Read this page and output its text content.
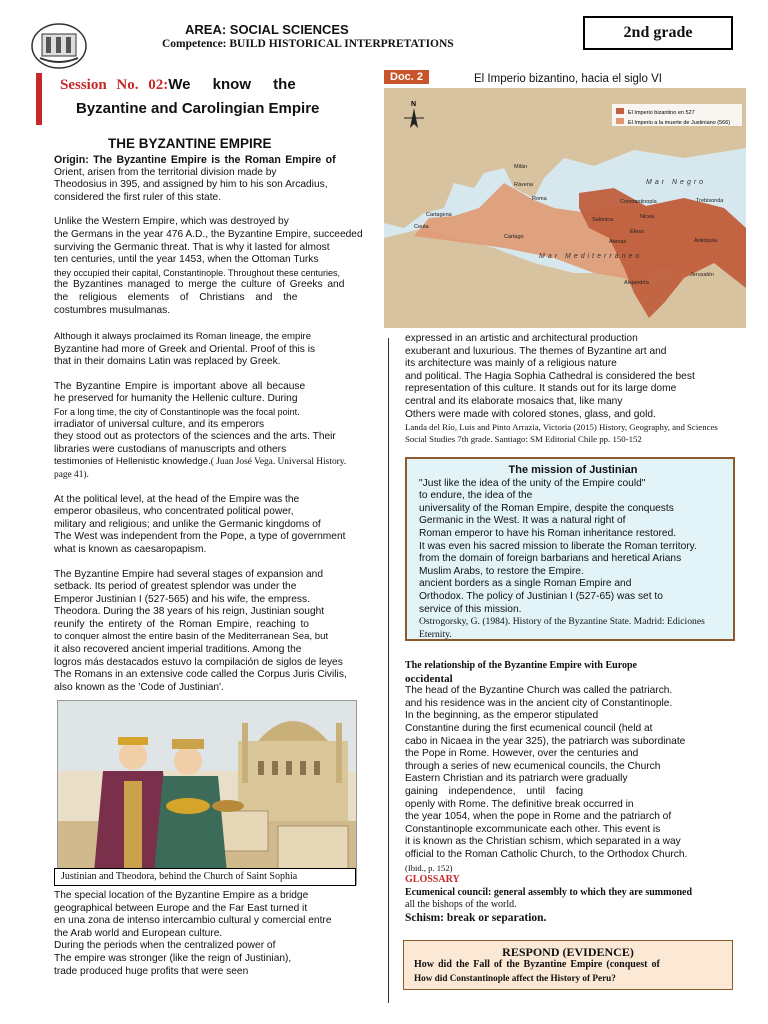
AREA: SOCIAL SCIENCES
Competence: BUILD HISTORICAL INTERPRETATIONS
2nd grade
Session No. 02:We know the
Byzantine and Carolingian Empire
Doc. 2	El Imperio bizantino, hacia el siglo VI
El Imperio bizantino en 527
El Imperio a la muerte de Justiniano (566)
N
Milán
Rávena
Roma
Salónica
Constantinopla	Trebisonda
Nicea
Cartagena
Ceuta
Cartago
Éfeso
Atenas	Antioquía
Jerusalén
Alejandría
Mar Negro
Mar Mediterráneo
THE BYZANTINE EMPIRE

Origin: The Byzantine Empire is the Roman Empire of

Orient, arisen from the territorial division made by

Theodosius in 395, and assigned by him to his son Arcadius,

considered the first ruler of this state.

Unlike the Western Empire, which was destroyed by

the Germans in the year 476 A.D., the Byzantine Empire, succeeded

surviving the Germanic threat. That is why it lasted for almost

ten centuries, until the year 1453, when the Ottoman Turks

they occupied their capital, Constantinople. Throughout these centuries,

the Byzantines managed to merge the culture of Greeks and

the religious elements of Christians and the

costumbres musulmanas.

Although it always proclaimed its Roman lineage, the empire

Byzantine had more of Greek and Oriental. Proof of this is

that in their domains Latin was replaced by Greek.

The Byzantine Empire is important above all because

he preserved for humanity the Hellenic culture. During

For a long time, the city of Constantinople was the focal point.

irradiator of universal culture, and its emperors

they stood out as protectors of the sciences and the arts. Their

libraries were custodians of manuscripts and others

testimonies of Hellenistic knowledge.( Juan José Vega. Universal History.

page 41).

At the political level, at the head of the Empire was the

emperor obasileus, who concentrated political power,

military and religious; and unlike the Germanic kingdoms of

The West was independent from the Pope, a type of government

what is known as caesaropapism.

The Byzantine Empire had several stages of expansion and

setback. Its period of greatest splendor was under the

Emperor Justinian I (527-565) and his wife, the empress.

Theodora. During the 38 years of his reign, Justinian sought

reunify the entirety of the Roman Empire, reaching to

to conquer almost the entire basin of the Mediterranean Sea, but

it also recovered ancient imperial traditions. Among the

logros más destacados estuvo la compilación de siglos de leyes

The Romans in an extensive code called the Corpus Juris Civilis,

also known as the 'Code of Justinian'.

Justinian and Theodora, behind the Church of Saint Sophia

The special location of the Byzantine Empire as a bridge

geographical between Europe and the Far East turned it

en una zona de intenso intercambio cultural y comercial entre

the Arab world and European culture.

During the periods when the centralized power of

The empire was stronger (like the reign of Justinian),

trade produced huge profits that were seen

expressed in an artistic and architectural production

exuberant and luxurious. The themes of Byzantine art and

its architecture was mainly of a religious nature

and political. The Hagia Sophia Cathedral is considered the best

representation of this culture. It stands out for its large dome

central and its elaborate mosaics that, like many

Others were made with colored stones, glass, and gold.

Landa del Río, Luis and Pinto Arrazia, Victoria (2015) History, Geography, and Sciences

Social Studies 7th grade. Santiago: SM Editorial Chile pp. 150-152

The mission of Justinian

"Just like the idea of the unity of the Empire could"

to endure, the idea of the

universality of the Roman Empire, despite the conquests

Germanic in the West. It was a natural right of

Roman emperor to have his Roman inheritance restored.

It was even his sacred mission to liberate the Roman territory.

from the domain of foreign barbarians and heretical Arians

Muslim Arabs, to restore the Empire.

ancient borders as a single Roman Empire and

Orthodox. The policy of Justinian I (527-65) was set to

service of this mission.

Ostrogorsky, G. (1984). History of the Byzantine State. Madrid: Ediciones

Eternity.

The relationship of the Byzantine Empire with Europe

occidental

The head of the Byzantine Church was called the patriarch.

and his residence was in the ancient city of Constantinople.

In the beginning, as the emperor stipulated

Constantine during the first ecumenical council (held at

cabo in Nicaea in the year 325), the patriarch was subordinate

the Pope in Rome. However, over the centuries and

through a series of new ecumenical councils, the Church

Eastern Christian and its patriarch were gradually

gaining independence, until facing

openly with Rome. The definitive break occurred in

the year 1054, when the pope in Rome and the patriarch of

Constantinople excommunicate each other. This event is

it is known as the Christian schism, which separated in a way

official to the Roman Catholic Church, to the Orthodox Church.

(Ibid., p. 152)

GLOSSARY

Ecumenical council: general assembly to which they are summoned

all the bishops of the world.

Schism: break or separation.

RESPOND (EVIDENCE)

How did the Fall of the Byzantine Empire (conquest of

How did Constantinople affect the History of Peru?
